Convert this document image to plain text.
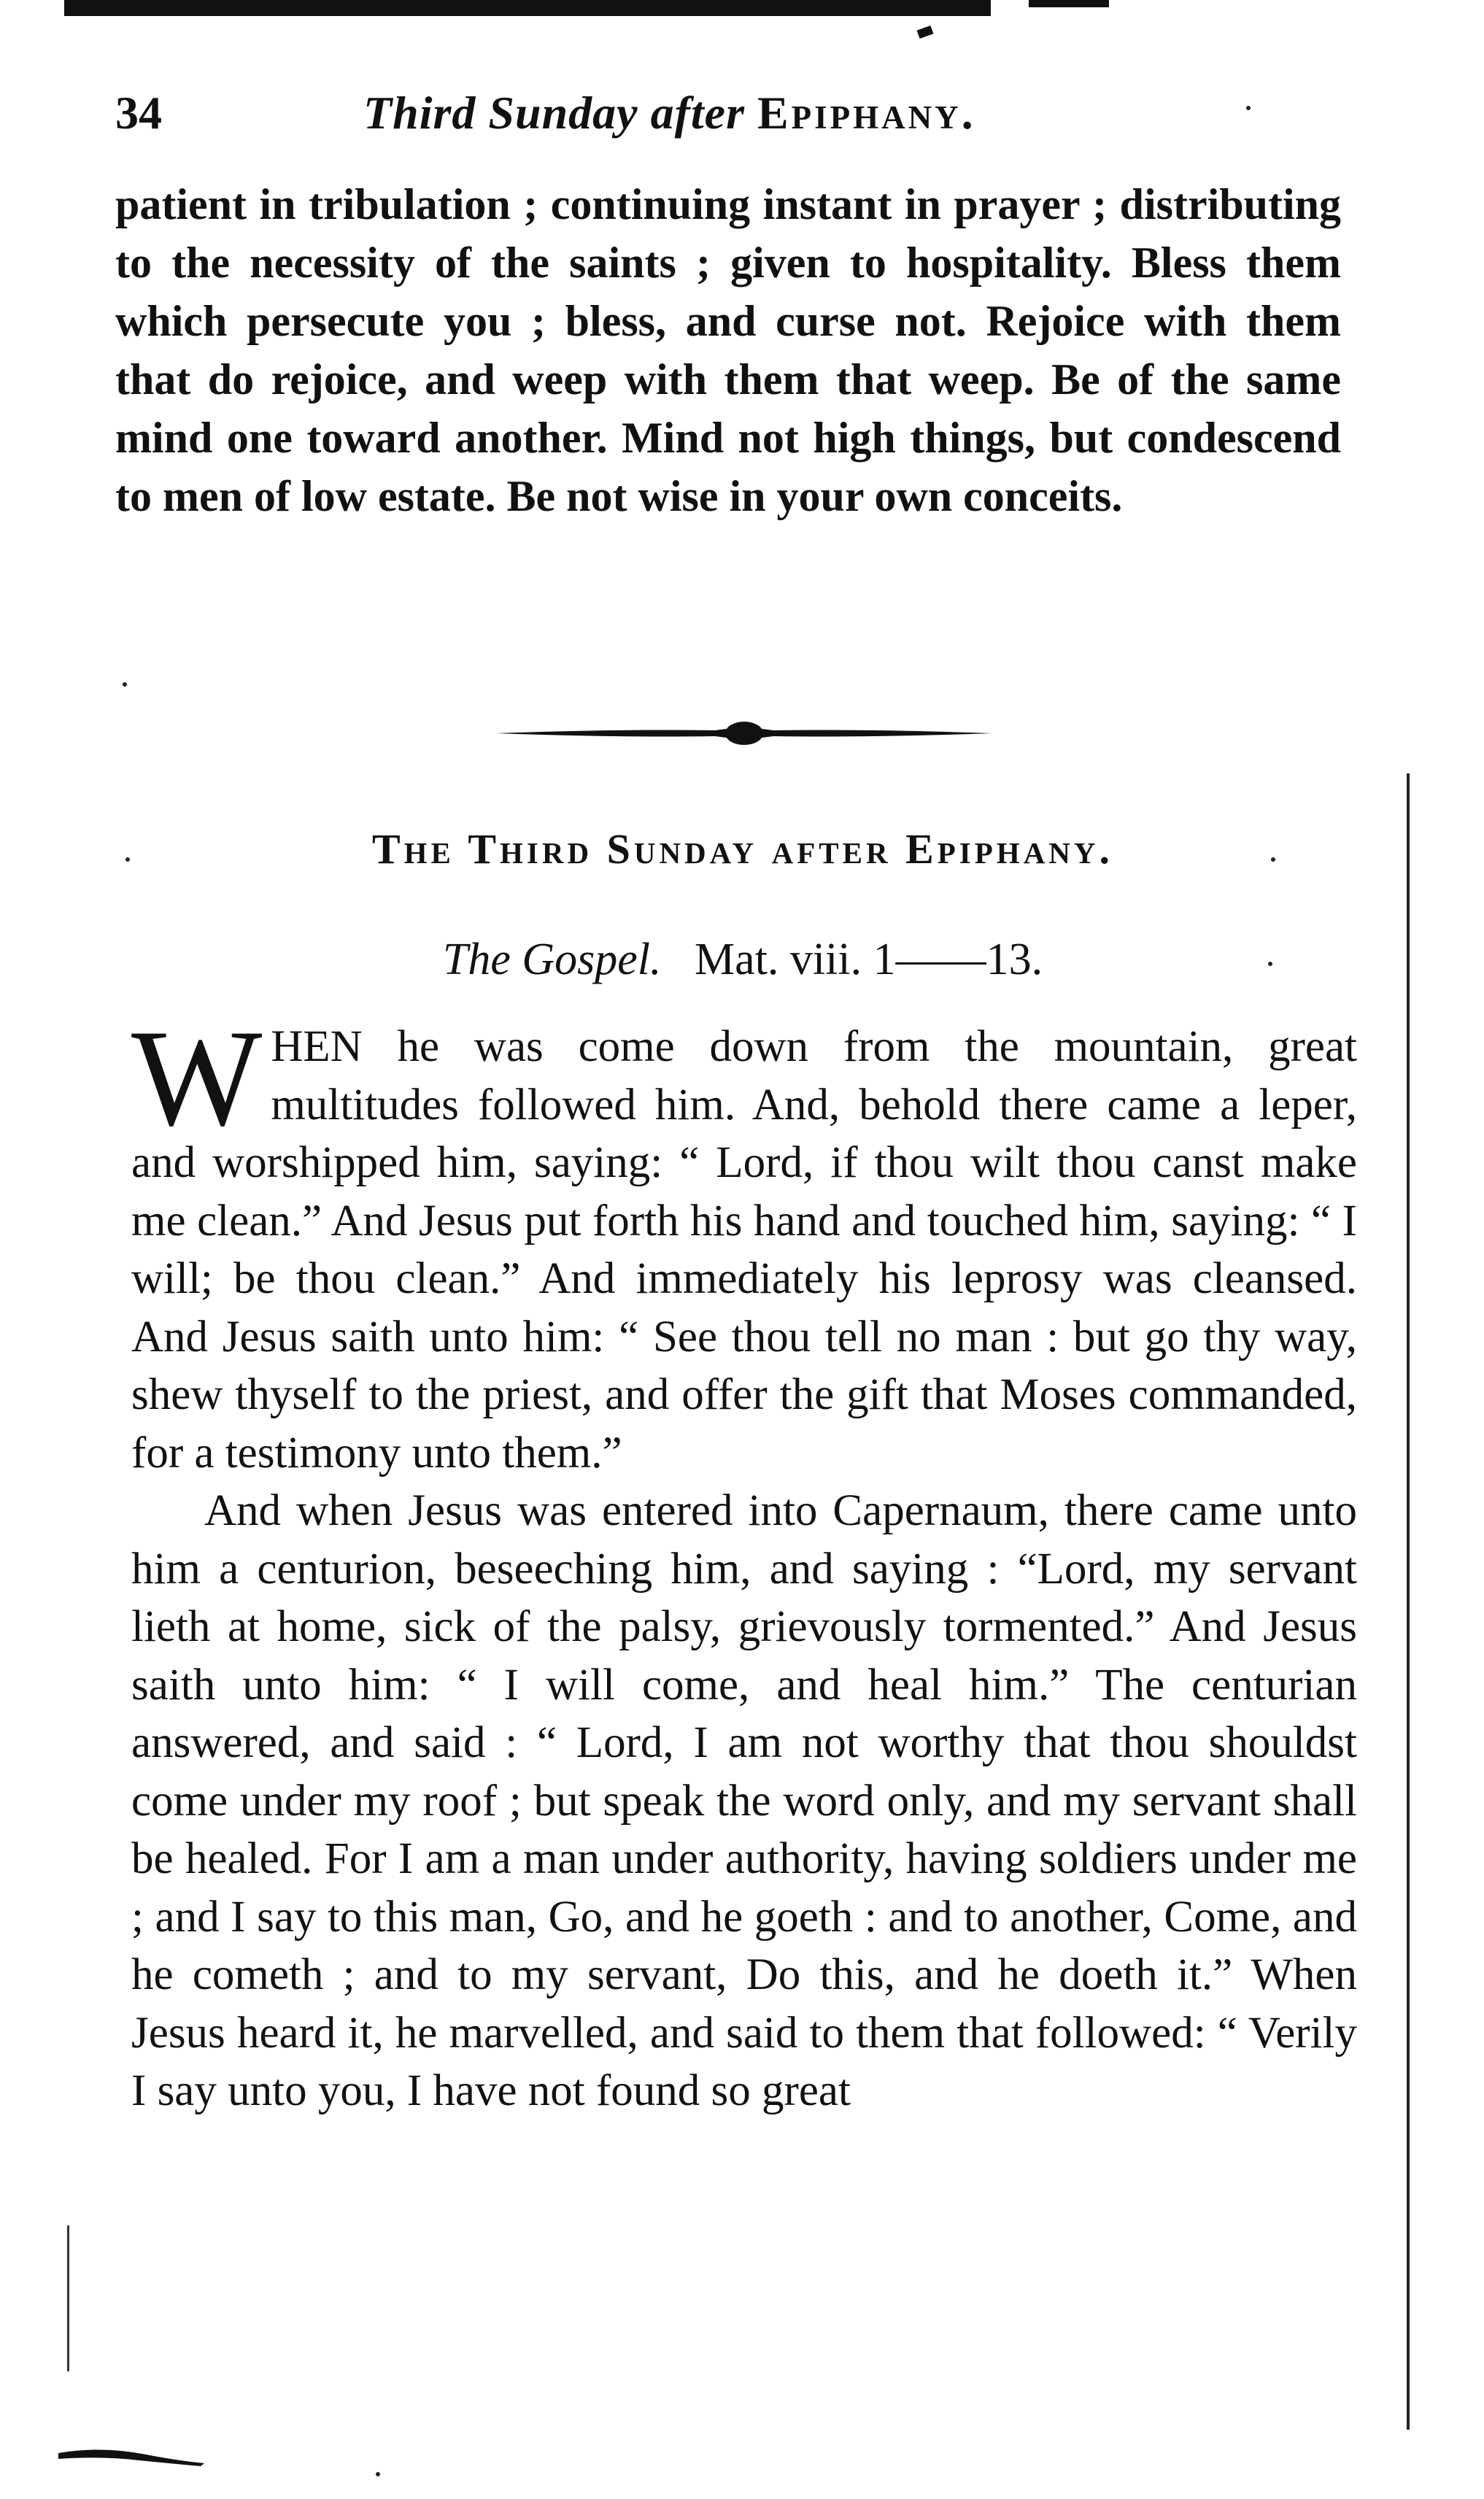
34	Third Sunday after Epiphany.
patient in tribulation ; continuing instant in prayer ; distributing to the necessity of the saints ; given to hospitality. Bless them which persecute you ; bless, and curse not. Rejoice with them that do rejoice, and weep with them that weep. Be of the same mind one toward another. Mind not high things, but condescend to men of low estate. Be not wise in your own conceits.
The Third Sunday after Epiphany.
The Gospel. Mat. viii. 1——13.

WHEN he was come down from the mountain, great multitudes followed him. And, behold there came a leper, and worshipped him, saying: “ Lord, if thou wilt thou canst make me clean.” And Jesus put forth his hand and touched him, saying: “ I will; be thou clean.” And immediately his leprosy was cleansed. And Jesus saith unto him: “ See thou tell no man : but go thy way, shew thyself to the priest, and offer the gift that Moses commanded, for a testimony unto them.”

And when Jesus was entered into Capernaum, there came unto him a centurion, beseeching him, and saying : “Lord, my servant lieth at home, sick of the palsy, grievously tormented.” And Jesus saith unto him: “ I will come, and heal him.” The centurian answered, and said : “ Lord, I am not worthy that thou shouldst come under my roof ; but speak the word only, and my servant shall be healed. For I am a man under authority, having soldiers under me ; and I say to this man, Go, and he goeth : and to another, Come, and he cometh ; and to my servant, Do this, and he doeth it.” When Jesus heard it, he marvelled, and said to them that followed: “ Verily I say unto you, I have not found so great
